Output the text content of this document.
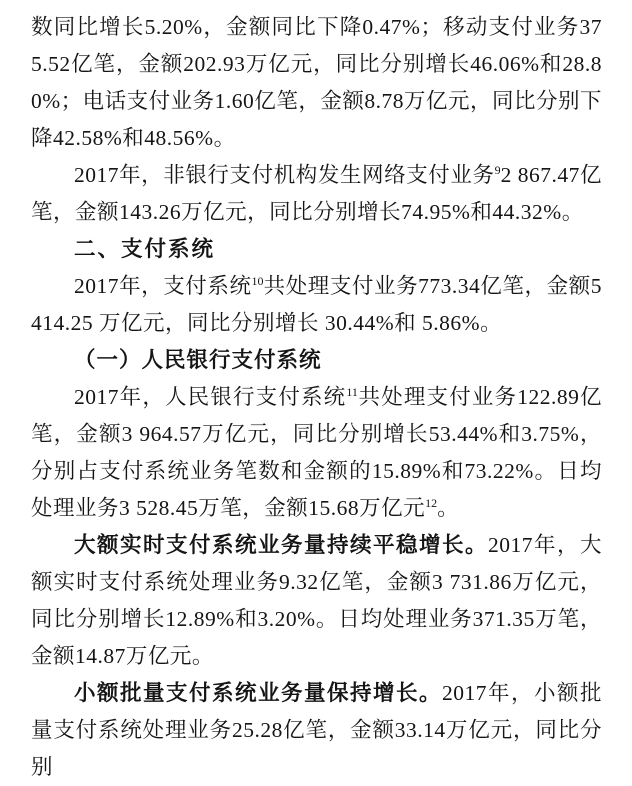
数同比增长5.20%，金额同比下降0.47%；移动支付业务375.52亿笔，金额202.93万亿元，同比分别增长46.06%和28.80%；电话支付业务1.60亿笔，金额8.78万亿元，同比分别下降42.58%和48.56%。

2017年，非银行支付机构发生网络支付业务$^9$2 867.47亿笔，金额143.26万亿元，同比分别增长74.95%和44.32%。

二、支付系统

2017年，支付系统$^{10}$共处理支付业务773.34亿笔，金额5 414.25 万亿元，同比分别增长 30.44%和 5.86%。

（一）人民银行支付系统

2017年，人民银行支付系统$^{11}$共处理支付业务122.89亿笔，金额3 964.57万亿元，同比分别增长53.44%和3.75%，分别占支付系统业务笔数和金额的15.89%和73.22%。日均处理业务3 528.45万笔，金额15.68万亿元$^{12}$。

大额实时支付系统业务量持续平稳增长。2017年，大额实时支付系统处理业务9.32亿笔，金额3 731.86万亿元，同比分别增长12.89%和3.20%。日均处理业务371.35万笔，金额14.87万亿元。

小额批量支付系统业务量保持增长。2017年，小额批量支付系统处理业务25.28亿笔，金额33.14万亿元，同比分别
